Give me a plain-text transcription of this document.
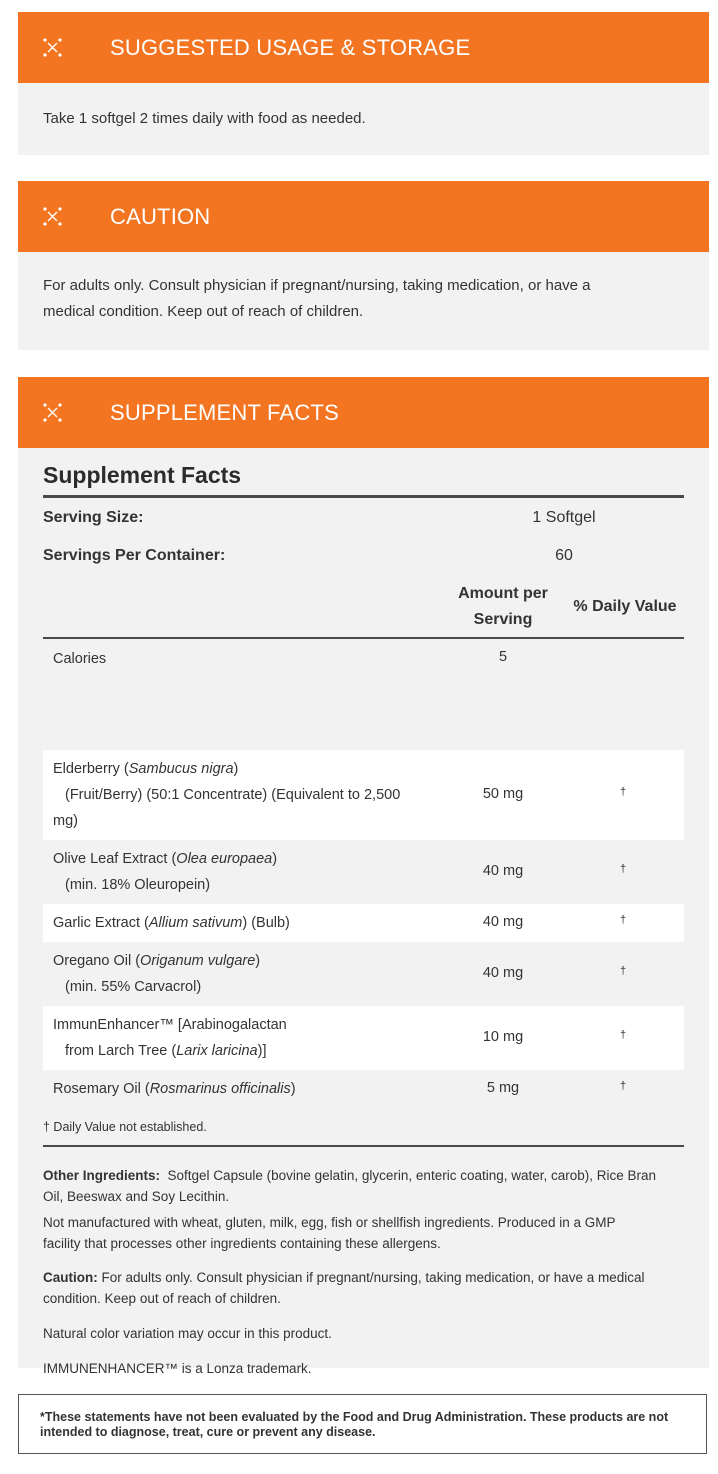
SUGGESTED USAGE & STORAGE
Take 1 softgel 2 times daily with food as needed.
CAUTION
For adults only. Consult physician if pregnant/nursing, taking medication, or have a
medical condition. Keep out of reach of children.
SUPPLEMENT FACTS
Supplement Facts
Serving Size:	1 Softgel
Servings Per Container:	60
Amount per
Serving
% Daily Value
Calories	5
Elderberry (Sambucus nigra)
(Fruit/Berry) (50:1 Concentrate) (Equivalent to 2,500
mg)
50 mg	†
Olive Leaf Extract (Olea europaea)
(min. 18% Oleuropein)
40 mg	†
Garlic Extract (Allium sativum) (Bulb)	40 mg	†
Oregano Oil (Origanum vulgare)
(min. 55% Carvacrol)
40 mg	†
ImmunEnhancer™ [Arabinogalactan
from Larch Tree (Larix laricina)]
10 mg	†
Rosemary Oil (Rosmarinus officinalis)	5 mg	†
† Daily Value not established.
Other Ingredients: Softgel Capsule (bovine gelatin, glycerin, enteric coating, water, carob), Rice Bran
Oil, Beeswax and Soy Lecithin.
Not manufactured with wheat, gluten, milk, egg, fish or shellfish ingredients. Produced in a GMP
facility that processes other ingredients containing these allergens.
Caution: For adults only. Consult physician if pregnant/nursing, taking medication, or have a medical
condition. Keep out of reach of children.
Natural color variation may occur in this product.
IMMUNENHANCER™ is a Lonza trademark.

*These statements have not been evaluated by the Food and Drug Administration. These products are not
intended to diagnose, treat, cure or prevent any disease.
